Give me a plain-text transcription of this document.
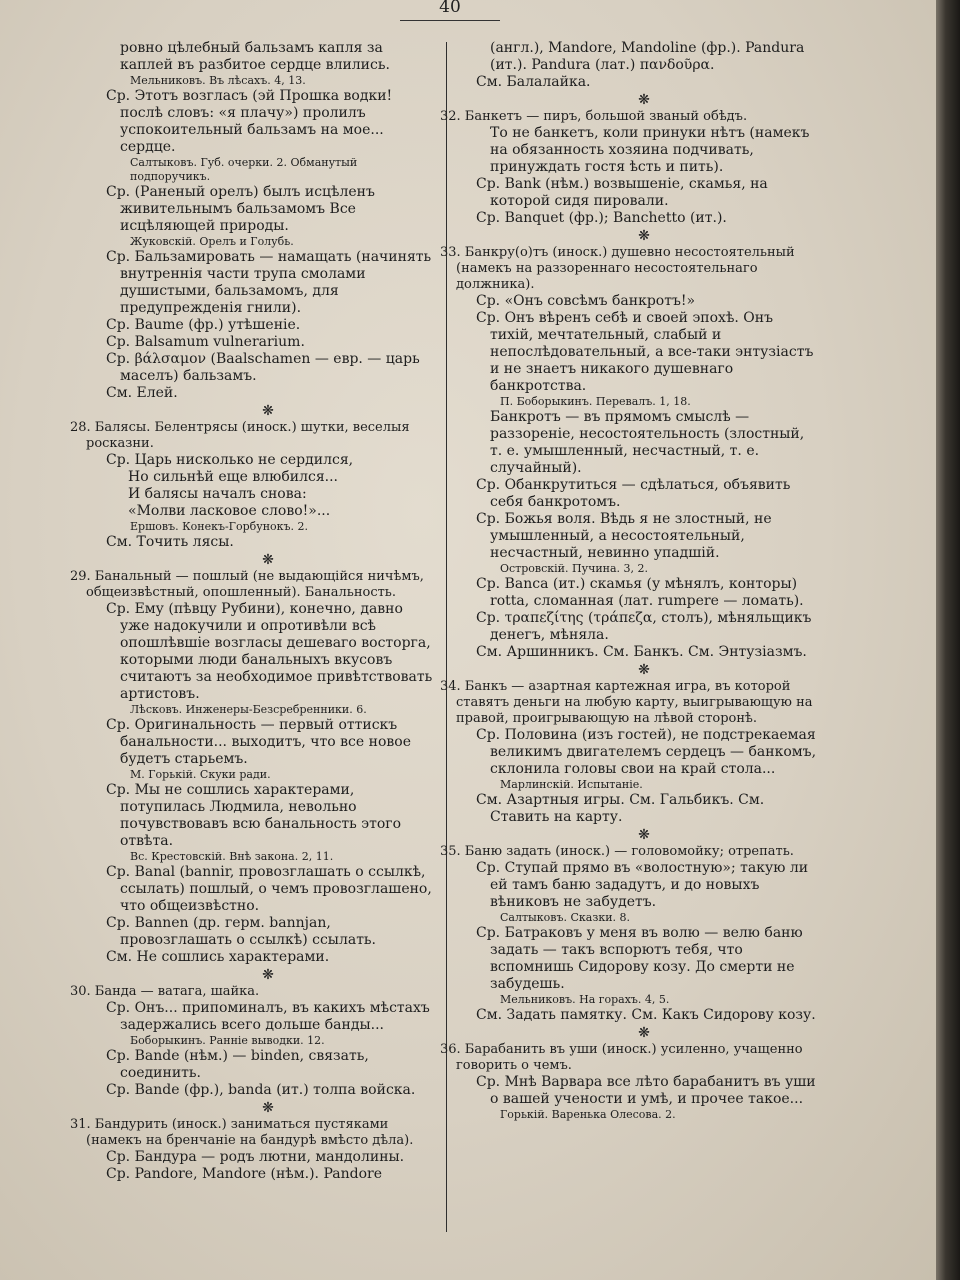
40

ровно цѣлебный бальзамъ капля за каплей въ разбитое сердце влились.

Мельниковъ. Въ лѣсахъ. 4, 13.

Ср. Этотъ возгласъ (эй Прошка водки! послѣ словъ: «я плачу») пролилъ успокоительный бальзамъ на мое... сердце.

Салтыковъ. Губ. очерки. 2. Обманутый подпоручикъ.

Ср. (Раненый орелъ) былъ исцѣленъ живительнымъ бальзамомъ Все исцѣляющей природы.

Жуковскій. Орелъ и Голубь.

Ср. Бальзамировать — намащать (начинять внутреннія части трупа смолами душистыми, бальзамомъ, для предупрежденія гнили).

Ср. Baume (фр.) утѣшеніе.

Ср. Balsamum vulnerarium.

Ср. βάλσαμον (Baalschamen — евр. — царь маселъ) бальзамъ.

См. Елей.

❋

28. Балясы. Белентрясы (иноск.) шутки, веселыя росказни.

Ср. Царь нисколько не сердился,

Но сильнѣй еще влюбился...

И балясы началъ снова:

«Молви ласковое слово!»...

Ершовъ. Конекъ-Горбунокъ. 2.

См. Точить лясы.

❋

29. Банальный — пошлый (не выдающійся ничѣмъ, общеизвѣстный, опошленный). Банальность.

Ср. Ему (пѣвцу Рубини), конечно, давно уже надокучили и опротивѣли всѣ опошлѣвшіе возгласы дешеваго восторга, которыми люди банальныхъ вкусовъ считаютъ за необходимое привѣтствовать артистовъ.

Лѣсковъ. Инженеры-Безсребренники. 6.

Ср. Оригинальность — первый оттискъ банальности... выходитъ, что все новое будетъ старьемъ.

М. Горькій. Скуки ради.

Ср. Мы не сошлись характерами, потупилась Людмила, невольно почувствовавъ всю банальность этого отвѣта.

Вс. Крестовскій. Внѣ закона. 2, 11.

Ср. Banal (bannir, провозглашать о ссылкѣ, ссылать) пошлый, о чемъ провозглашено, что общеизвѣстно.

Ср. Bannen (др. герм. bannjan, провозглашать о ссылкѣ) ссылать.

См. Не сошлись характерами.

❋

30. Банда — ватага, шайка.

Ср. Онъ... припоминалъ, въ какихъ мѣстахъ задержались всего дольше банды...

Боборыкинъ. Ранніе выводки. 12.

Ср. Bande (нѣм.) — binden, связать, соединить.

Ср. Bande (фр.), banda (ит.) толпа войска.

❋

31. Бандурить (иноск.) заниматься пустяками (намекъ на бренчаніе на бандурѣ вмѣсто дѣла).

Ср. Бандура — родъ лютни, мандолины.

Ср. Pandore, Mandore (нѣм.). Pandore

(англ.), Mandore, Mandoline (фр.). Pandura (ит.). Pandura (лат.) πανδοῦρα.

См. Балалайка.

❋

32. Банкетъ — пиръ, большой званый обѣдъ.

То не банкетъ, коли принуки нѣтъ (намекъ на обязанность хозяина подчивать, принуждать гостя ѣсть и пить).

Ср. Bank (нѣм.) возвышеніе, скамья, на которой сидя пировали.

Ср. Banquet (фр.); Banchetto (ит.).

❋

33. Банкру(о)тъ (иноск.) душевно несостоятельный (намекъ на раззореннаго несостоятельнаго должника).

Ср. «Онъ совсѣмъ банкротъ!»

Ср. Онъ вѣренъ себѣ и своей эпохѣ. Онъ тихій, мечтательный, слабый и непослѣдовательный, а все-таки энтузіастъ и не знаетъ никакого душевнаго банкротства.

П. Боборыкинъ. Перевалъ. 1, 18.

Банкротъ — въ прямомъ смыслѣ — раззореніе, несостоятельность (злостный, т. е. умышленный, несчастный, т. е. случайный).

Ср. Обанкрутиться — сдѣлаться, объявить себя банкротомъ.

Ср. Божья воля. Вѣдь я не злостный, не умышленный, а несостоятельный, несчастный, невинно упадшій.

Островскій. Пучина. 3, 2.

Ср. Banca (ит.) скамья (у мѣнялъ, конторы) rotta, сломанная (лат. rumpere — ломать).

Ср. τραπεζίτης (τράπεζα, столъ), мѣняльщикъ денегъ, мѣняла.

См. Аршинникъ. См. Банкъ. См. Энтузіазмъ.

❋

34. Банкъ — азартная картежная игра, въ которой ставятъ деньги на любую карту, выигрывающую на правой, проигрывающую на лѣвой сторонѣ.

Ср. Половина (изъ гостей), не подстрекаемая великимъ двигателемъ сердецъ — банкомъ, склонила головы свои на край стола...

Марлинскій. Испытаніе.

См. Азартныя игры. См. Гальбикъ. См. Ставить на карту.

❋

35. Баню задать (иноск.) — головомойку; отрепать.

Ср. Ступай прямо въ «волостную»; такую ли ей тамъ баню зададутъ, и до новыхъ вѣниковъ не забудетъ.

Салтыковъ. Сказки. 8.

Ср. Батраковъ у меня въ волю — велю баню задать — такъ вспорютъ тебя, что вспомнишь Сидорову козу. До смерти не забудешь.

Мельниковъ. На горахъ. 4, 5.

См. Задать памятку. См. Какъ Сидорову козу.

❋

36. Барабанить въ уши (иноск.) усиленно, учащенно говорить о чемъ.

Ср. Мнѣ Варвара все лѣто барабанитъ въ уши о вашей учености и умѣ, и прочее такое...

Горькій. Варенька Олесова. 2.
